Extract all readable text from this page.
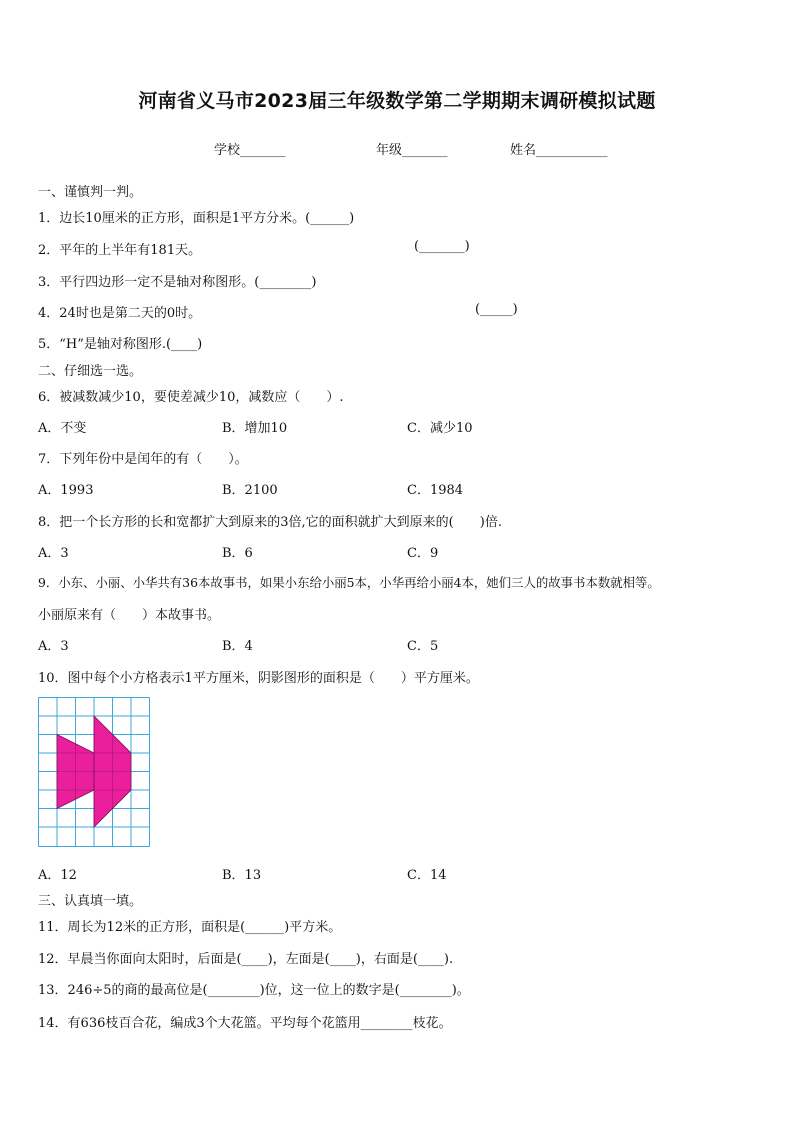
河南省义马市2023届三年级数学第二学期期末调研模拟试题
学校_______	年级_______	姓名___________
一、谨慎判一判。
1．边长10厘米的正方形，面积是1平方分米。(______)
2．平年的上半年有181天。	(_______)
3．平行四边形一定不是轴对称图形。(________)
4．24时也是第二天的0时。	(_____)
5．“H”是轴对称图形.(____)
二、仔细选一选。
6．被减数减少10，要使差减少10，减数应（　　）.
A．不变	B．增加10	C．减少10
7．下列年份中是闰年的有（　　）。
A．1993	B．2100	C．1984
8．把一个长方形的长和宽都扩大到原来的3倍,它的面积就扩大到原来的(　　)倍.
A．3	B．6	C．9
9．小东、小丽、小华共有36本故事书，如果小东给小丽5本，小华再给小丽4本，她们三人的故事书本数就相等。
小丽原来有（　　）本故事书。
A．3	B．4	C．5
10．图中每个小方格表示1平方厘米，阴影图形的面积是（　　）平方厘米。
A．12	B．13	C．14
三、认真填一填。
11．周长为12米的正方形，面积是(______)平方米。
12．早晨当你面向太阳时，后面是(____)，左面是(____)，右面是(____).
13．246÷5的商的最高位是(________)位，这一位上的数字是(________)。
14．有636枝百合花，编成3个大花篮。平均每个花篮用________枝花。
